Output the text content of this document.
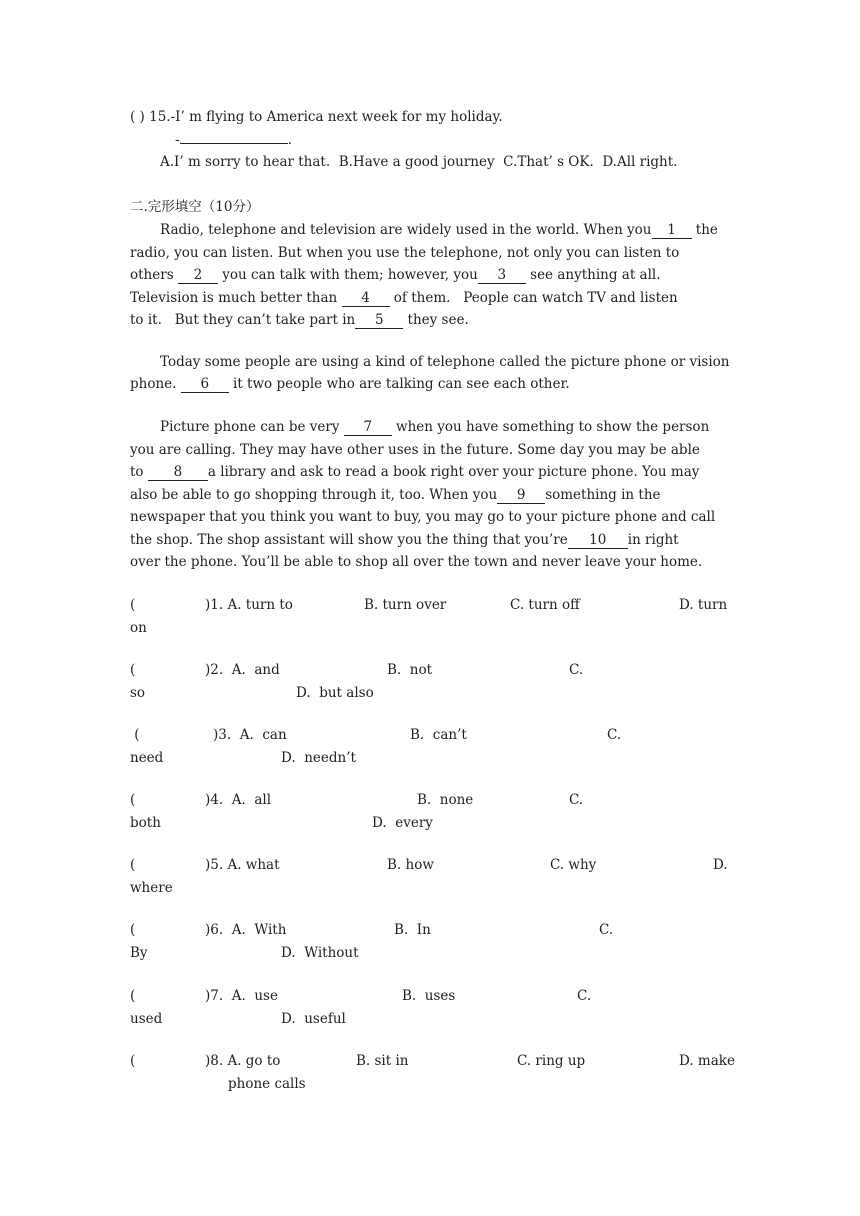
( ) 15.-I’ m flying to America next week for my holiday.
-	.
A.I’ m sorry to hear that.  B.Have a good journey  C.That’ s OK.  D.All right.
二.完形填空（10分）
Radio, telephone and television are widely used in the world. When you 1 the
radio, you can listen. But when you use the telephone, not only you can listen to
others 2 you can talk with them; however, you 3 see anything at all.
Television is much better than 4 of them.   People can watch TV and listen
to it.   But they can’t take part in 5 they see.
Today some people are using a kind of telephone called the picture phone or vision
phone. 6 it two people who are talking can see each other.
Picture phone can be very 7 when you have something to show the person
you are calling. They may have other uses in the future. Some day you may be able
to 8 a library and ask to read a book right over your picture phone. You may
also be able to go shopping through it, too. When you 9 something in the
newspaper that you think you want to buy, you may go to your picture phone and call
the shop. The shop assistant will show you the thing that you’re 10 in right
over the phone. You’ll be able to shop all over the town and never leave your home.
(	)1. A. turn to	B. turn over	C. turn off	D. turn
on
(	)2.  A.  and	B.  not	C.
so	D.  but also
(	)3.  A.  can	B.  can’t	C.
need	D.  needn’t
(	)4.  A.  all	B.  none	C.
both	D.  every
(	)5. A. what	B. how	C. why	D.
where
(	)6.  A.  With	B.  In	C.
By	D.  Without
(	)7.  A.  use	B.  uses	C.
used	D.  useful
(	)8. A. go to	B. sit in	C. ring up	D. make
phone calls
